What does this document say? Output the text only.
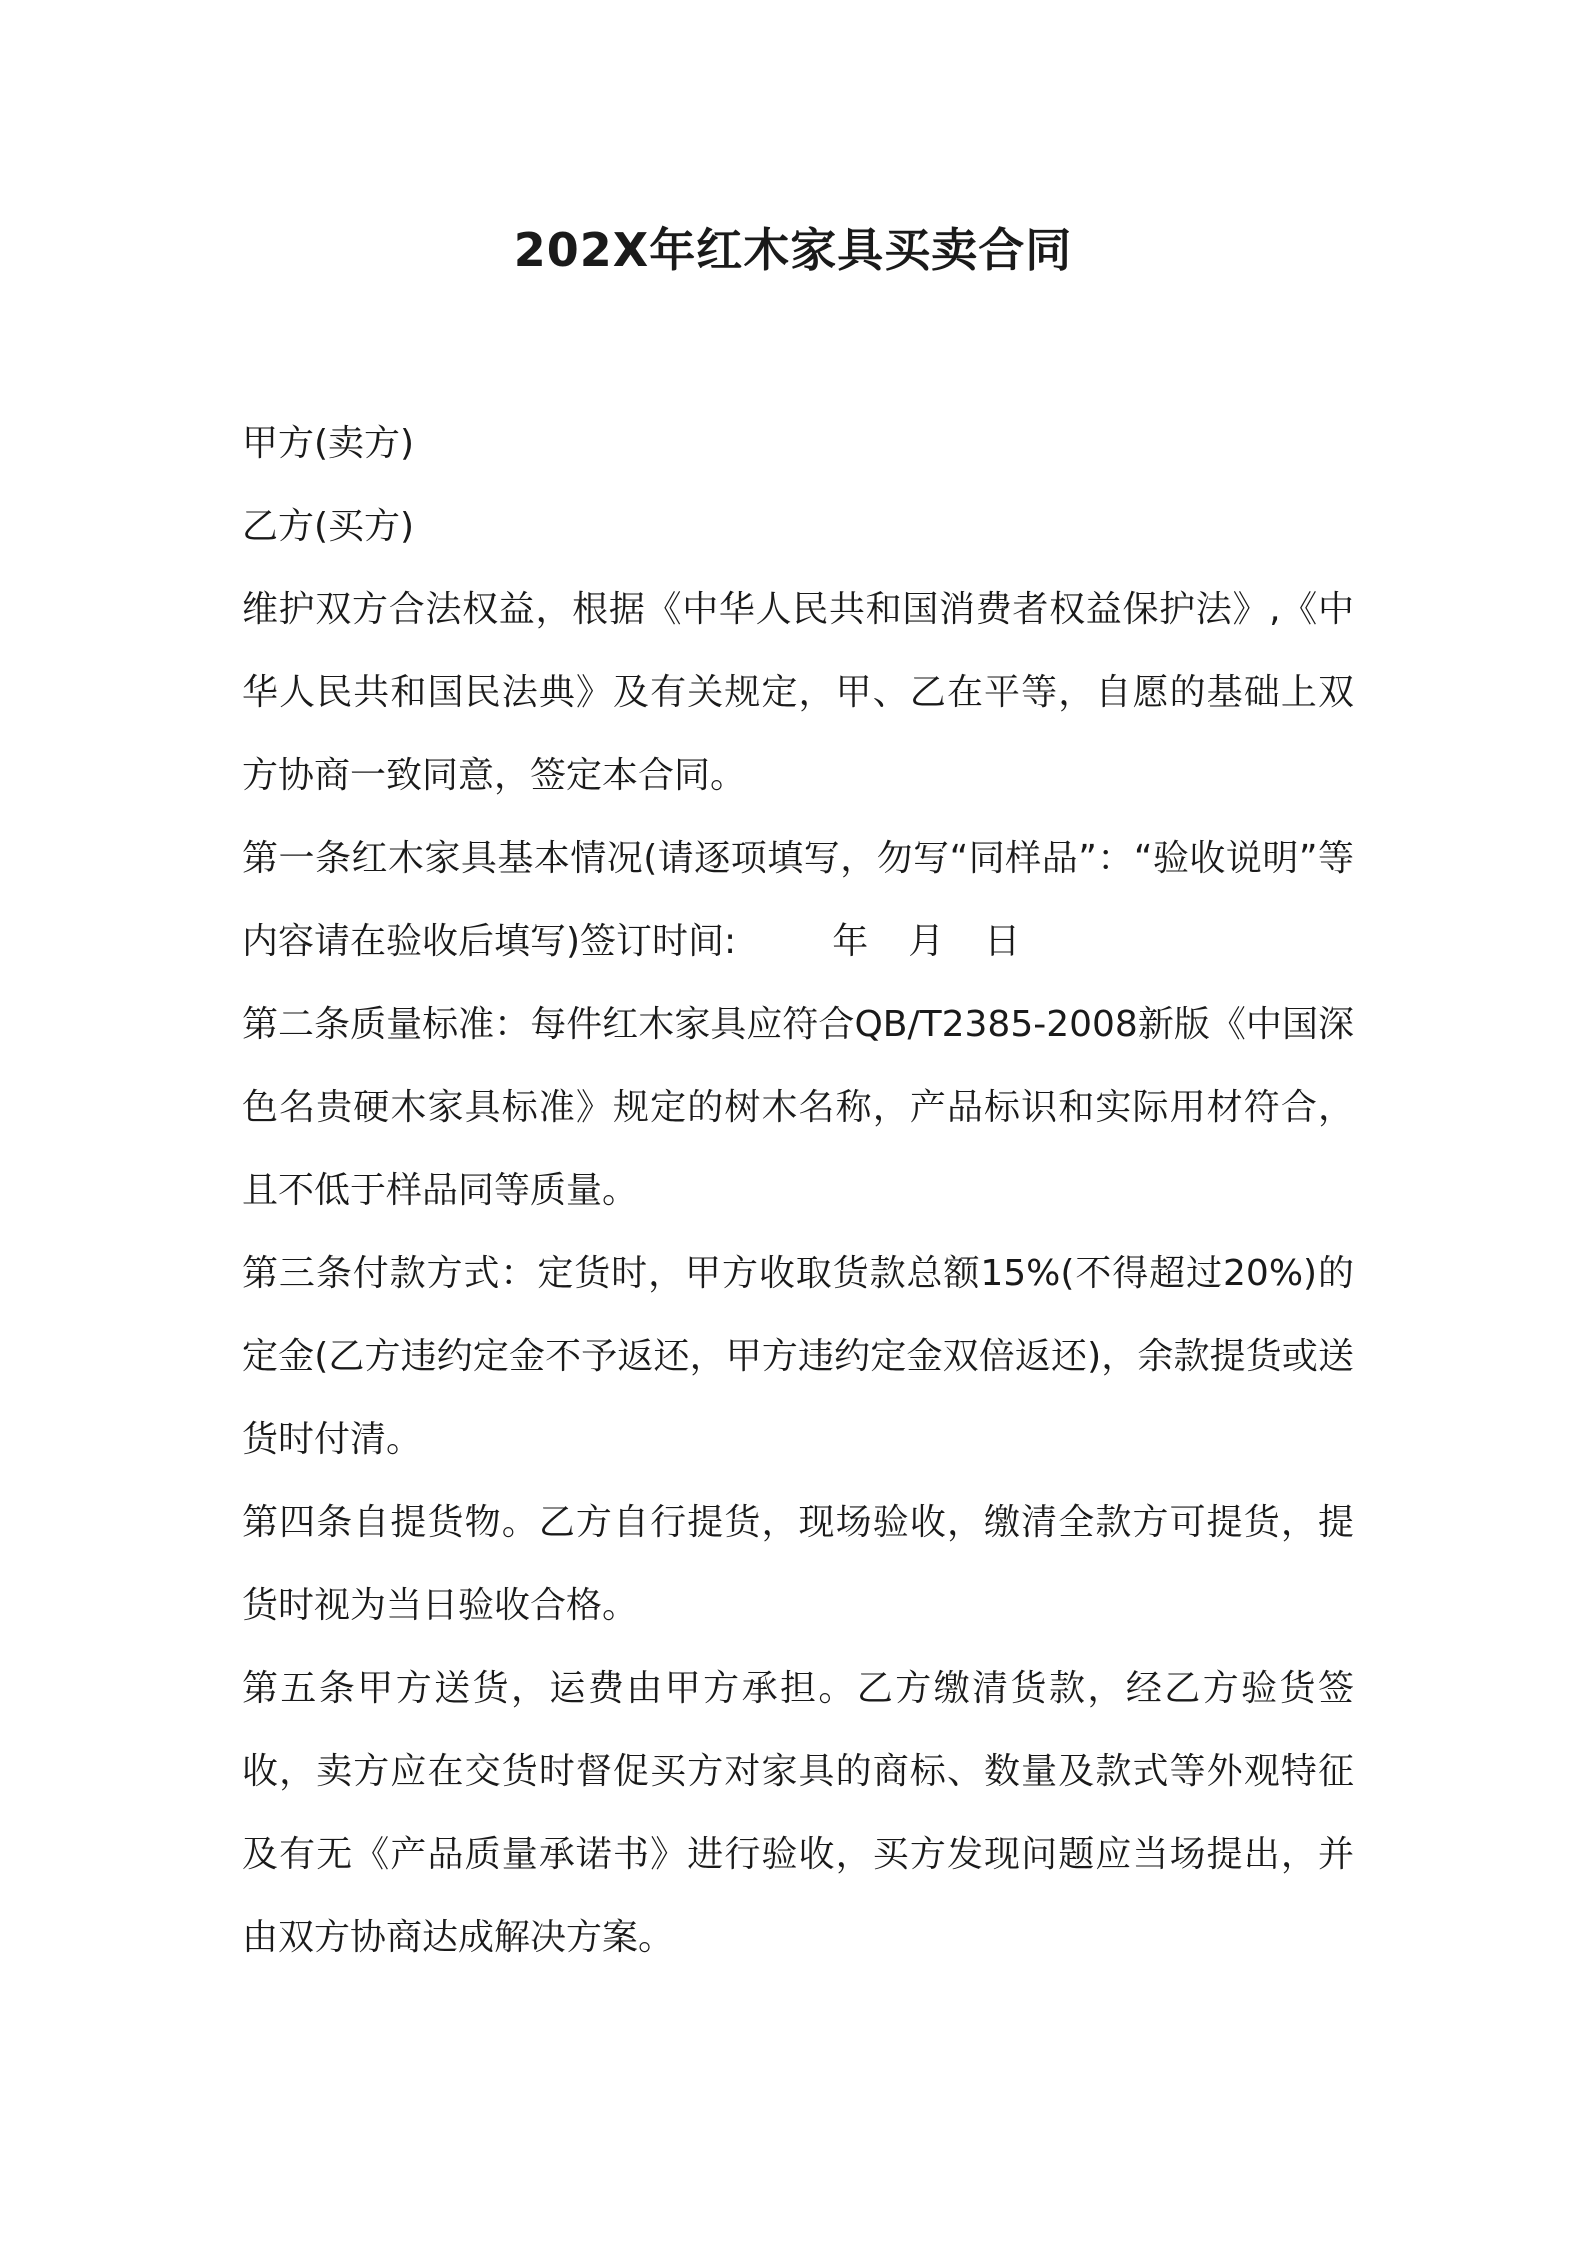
202X年红木家具买卖合同

甲方(卖方)

乙方(买方)

维护双方合法权益，根据《中华人民共和国消费者权益保护法》,《中华人民共和国民法典》及有关规定，甲、乙在平等，自愿的基础上双方协商一致同意，签定本合同。

第一条红木家具基本情况(请逐项填写，勿写“同样品”：“验收说明”等内容请在验收后填写)签订时间:	年 月 日

第二条质量标准：每件红木家具应符合QB/T2385-2008新版《中国深色名贵硬木家具标准》规定的树木名称，产品标识和实际用材符合，且不低于样品同等质量。

第三条付款方式：定货时，甲方收取货款总额15%(不得超过20%)的定金(乙方违约定金不予返还，甲方违约定金双倍返还)，余款提货或送货时付清。

第四条自提货物。乙方自行提货，现场验收，缴清全款方可提货，提货时视为当日验收合格。

第五条甲方送货，运费由甲方承担。乙方缴清货款，经乙方验货签收，卖方应在交货时督促买方对家具的商标、数量及款式等外观特征及有无《产品质量承诺书》进行验收，买方发现问题应当场提出，并由双方协商达成解决方案。
